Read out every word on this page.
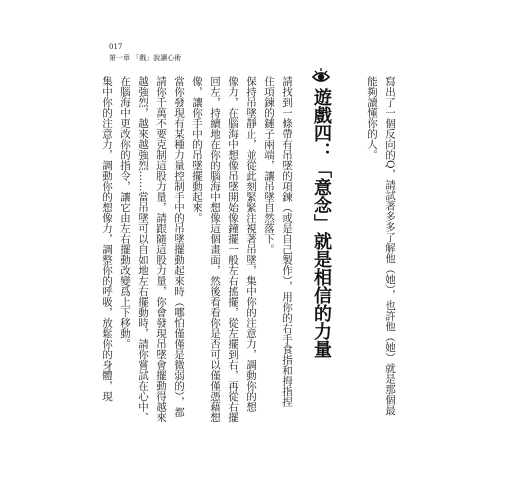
017
第一章 「戲」說讀心術
寫出了一個反向的Q，請試著多多了解他（她），也許他（她）就是那個最
能夠讀懂你的人。
遊戲四：「意念」就是相信的力量
請找到一條帶有吊墜的項鍊（或是自己製作），用你的右手食指和拇指捏
住項鍊的鏈子兩端，讓吊墜自然落下。
保持吊墜靜止，並從此刻緊緊注視著吊墜，集中你的注意力，調動你的想
像力，在腦海中想像吊墜開始像鐘擺一般左右搖擺，從左擺到右，再從右擺
回左，持續地在你的腦海中想像這個畫面，然後看看你是否可以僅僅憑藉想
像，讓你手中的吊墜擺動起來。
當你發現有某種力量控制手中的吊墜擺動起來時（哪怕僅僅是微弱的），都
請你千萬不要克制這股力量，請跟隨這股力量，你會發現吊墜會擺動得越來
越強烈，越來越強烈……當吊墜可以自如地左右擺動時，請你嘗試在心中、
在腦海中更改你的指令，讓它由左右擺動改變爲上下移動。
集中你的注意力，調動你的想像力，調整你的呼吸，放鬆你的身體，現
